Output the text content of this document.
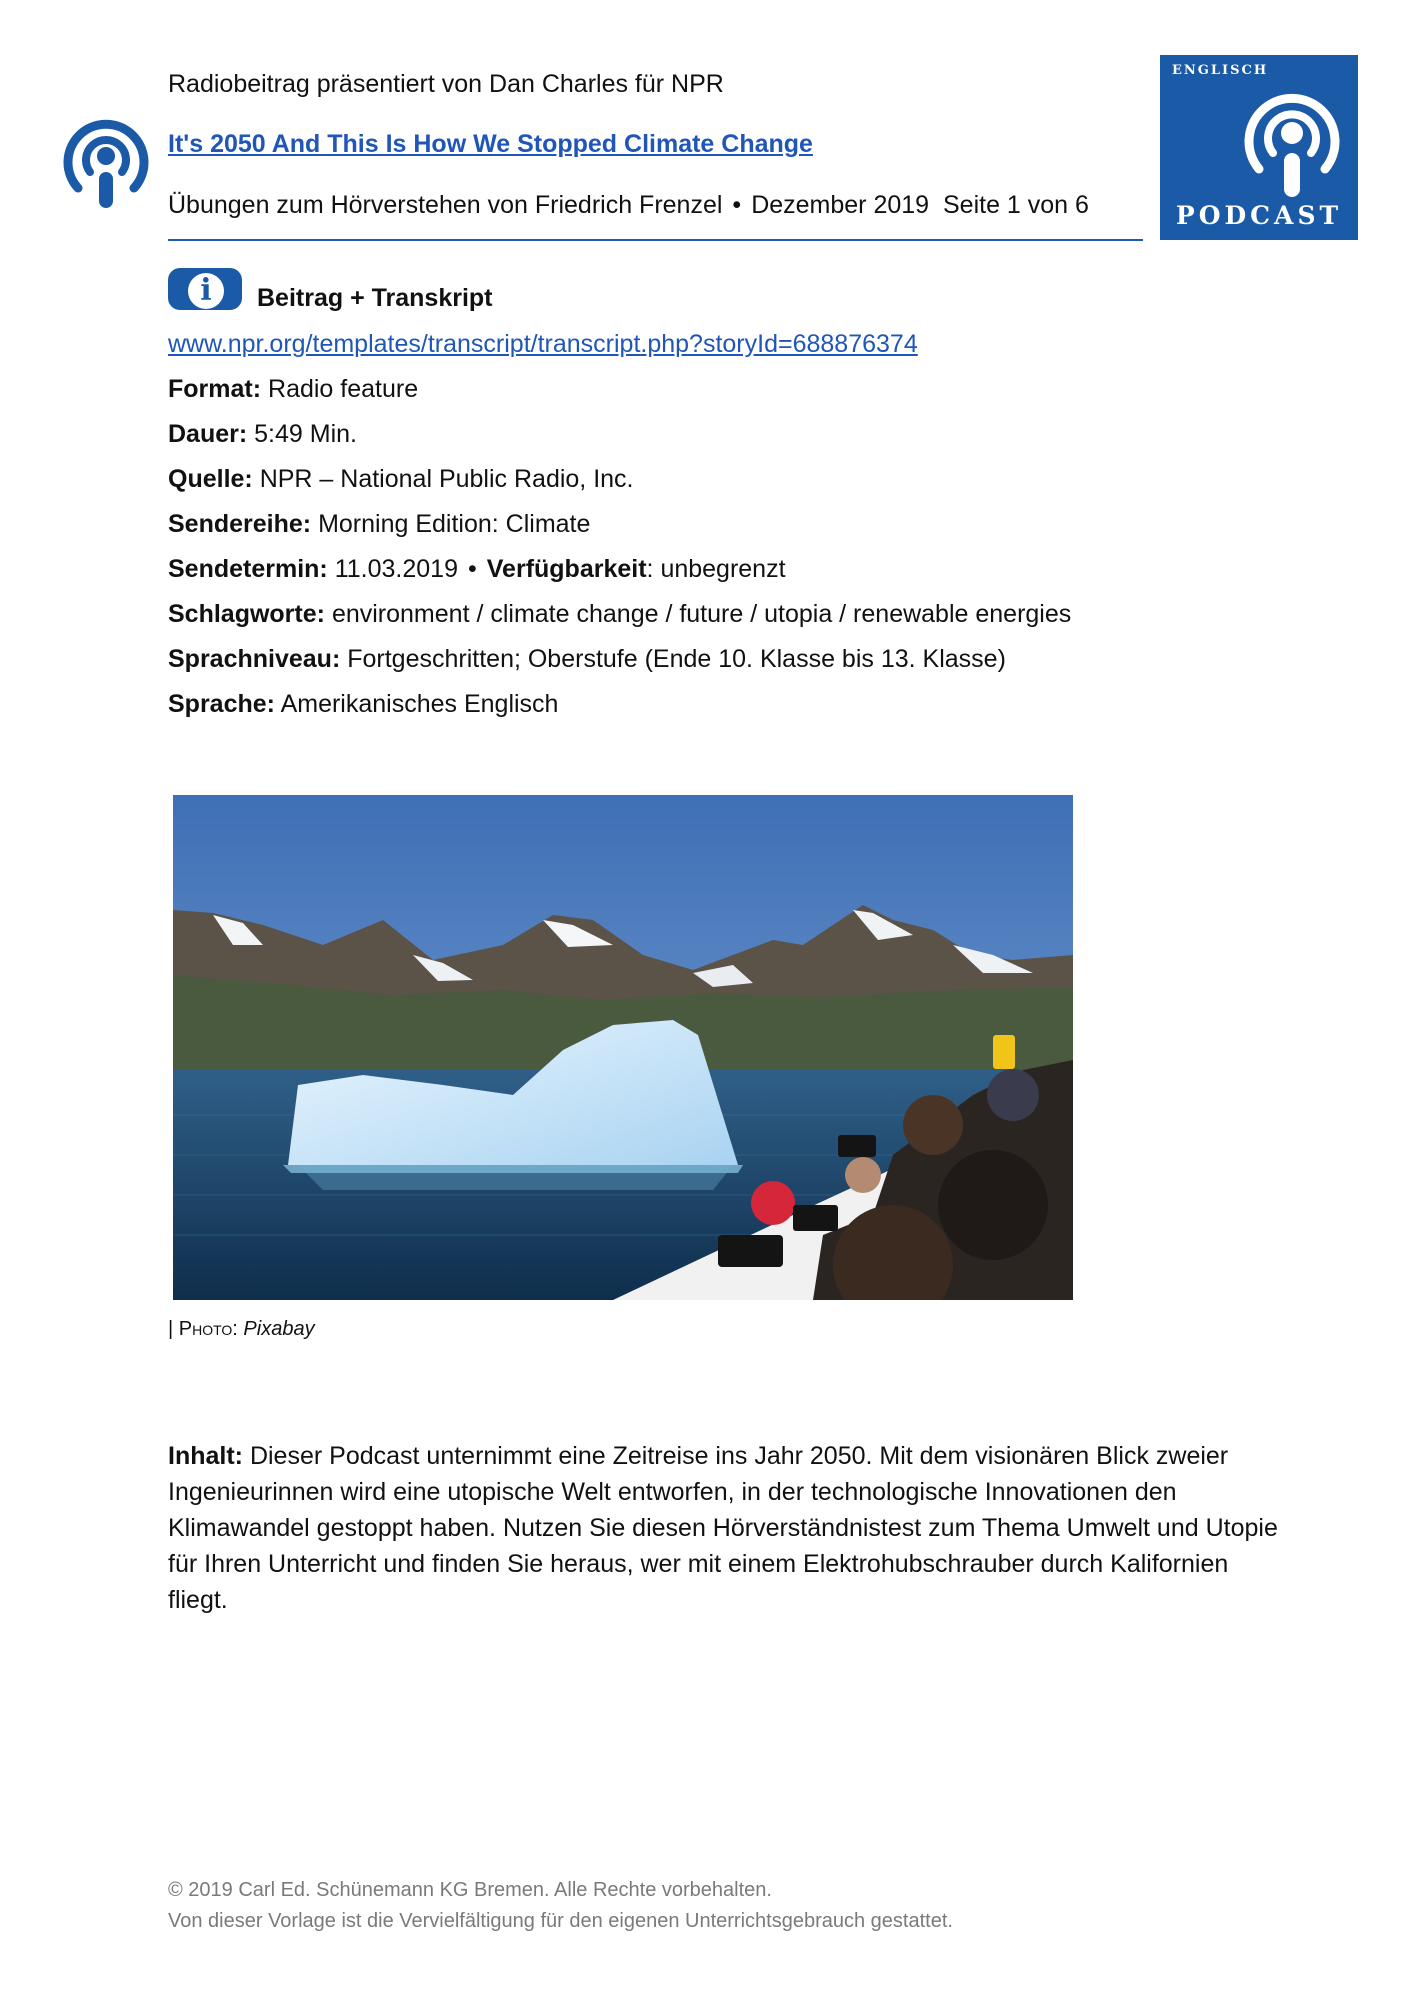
Radiobeitrag präsentiert von Dan Charles für NPR
It's 2050 And This Is How We Stopped Climate Change
Übungen zum Hörverstehen von Friedrich Frenzel • Dezember 2019 Seite 1 von 6
ENGLISCH
PODCAST
i	Beitrag + Transkript
www.npr.org/templates/transcript/transcript.php?storyId=688876374
Format: Radio feature
Dauer: 5:49 Min.
Quelle: NPR – National Public Radio, Inc.
Sendereihe: Morning Edition: Climate
Sendetermin: 11.03.2019 • Verfügbarkeit: unbegrenzt
Schlagworte: environment / climate change / future / utopia / renewable energies
Sprachniveau: Fortgeschritten; Oberstufe (Ende 10. Klasse bis 13. Klasse)
Sprache: Amerikanisches Englisch
| Photo: Pixabay
Inhalt: Dieser Podcast unternimmt eine Zeitreise ins Jahr 2050. Mit dem visionären Blick zweier Ingenieurinnen wird eine utopische Welt entworfen, in der technologische Innovationen den Klimawandel gestoppt haben. Nutzen Sie diesen Hörverständnistest zum Thema Umwelt und Utopie für Ihren Unterricht und finden Sie heraus, wer mit einem Elektrohubschrauber durch Kalifornien fliegt.
© 2019 Carl Ed. Schünemann KG Bremen. Alle Rechte vorbehalten.
Von dieser Vorlage ist die Vervielfältigung für den eigenen Unterrichtsgebrauch gestattet.
